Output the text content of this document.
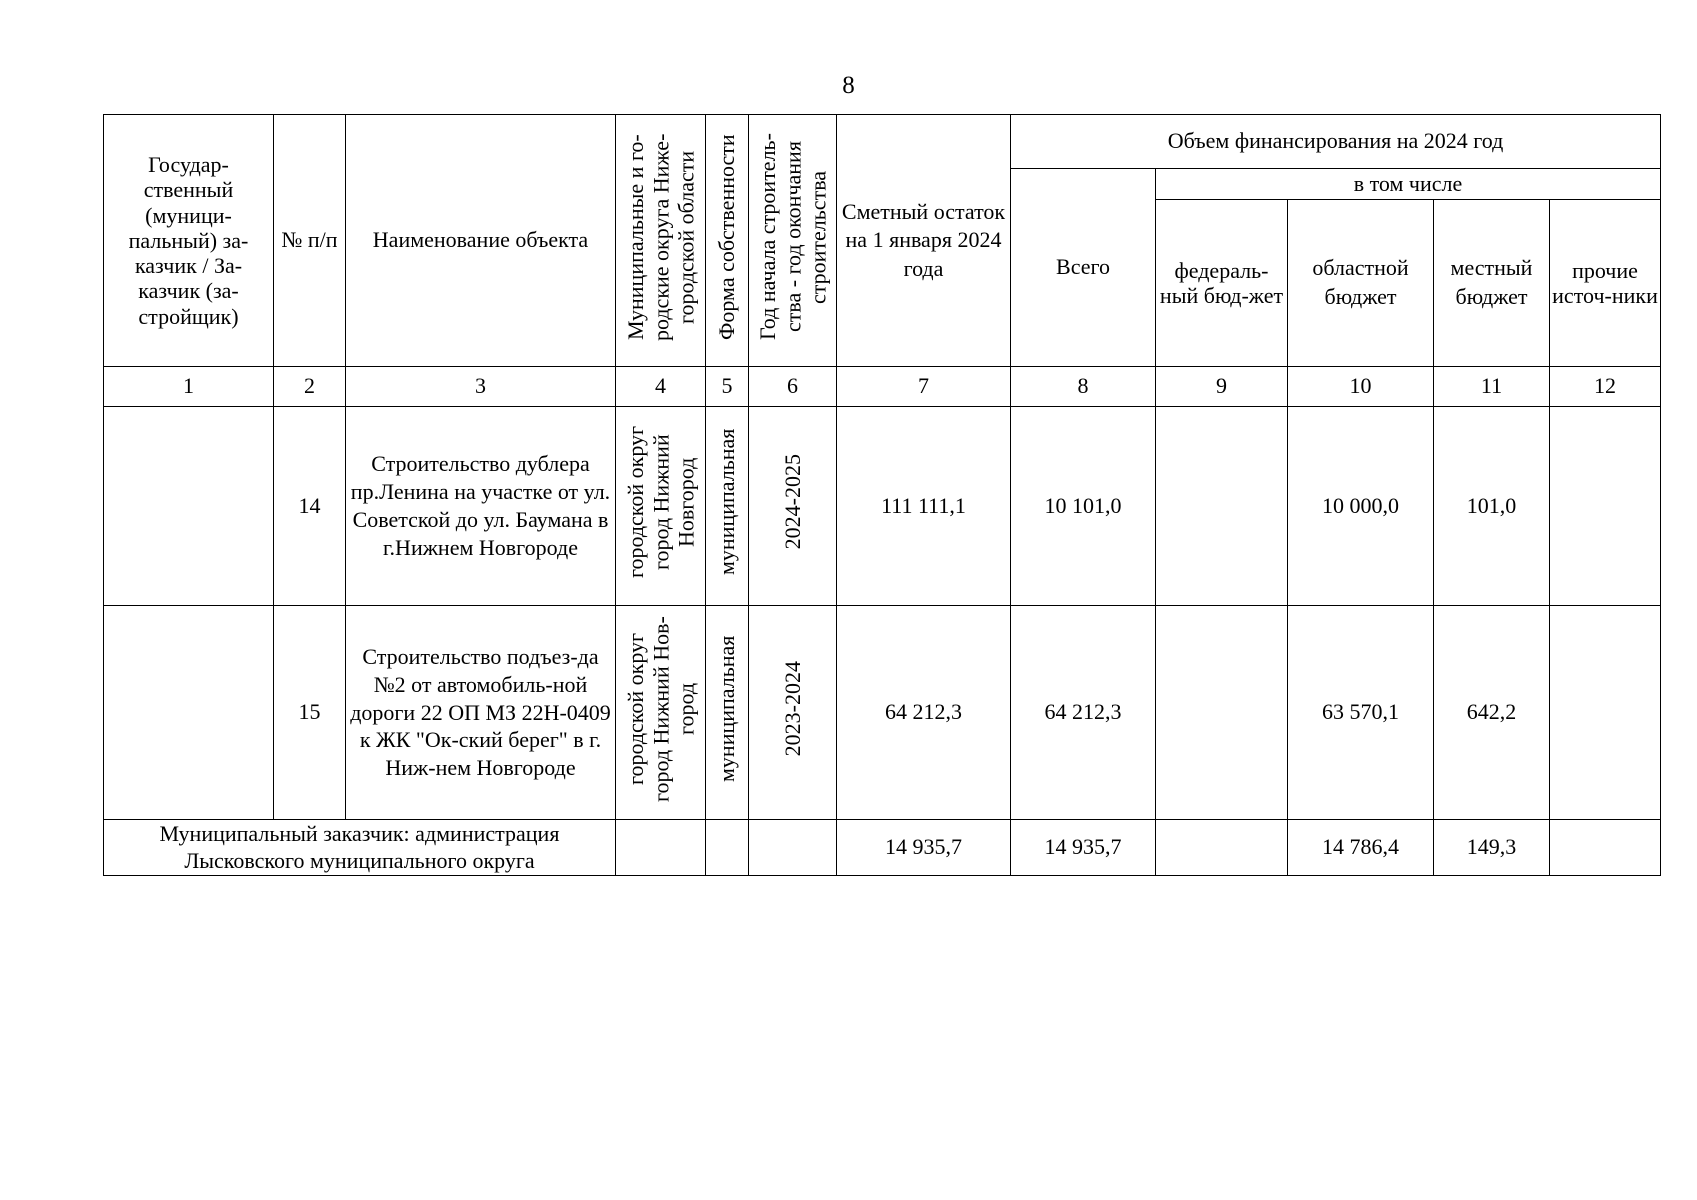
8
Государ-ственный (муници-пальный) за-казчик / За-казчик (за-стройщик)	№ п/п	Наименование объекта	Муниципальные и го-родские округа Ниже-городской области	Форма собственности	Год начала строитель-ства - год окончания строительства	Сметный остаток на 1 января 2024 года	Объем финансирования на 2024 год				
							Всего	в том числе			
								федераль-ный бюд-жет	областной бюджет	местный бюджет	прочие источ-ники
1	2	3	4	5	6	7	8	9	10	11	12
	14	Строительство дублера пр.Ленина на участке от ул. Советской до ул. Баумана в г.Нижнем Новгороде	городской округ город Нижний Новгород	муниципальная	2024-2025	111 111,1	10 101,0		10 000,0	101,0	
	15	Строительство подъез-да №2 от автомобиль-ной дороги 22 ОП МЗ 22Н-0409 к ЖК "Ок-ский берег" в г. Ниж-нем Новгороде	городской округ город Нижний Нов-город	муниципальная	2023-2024	64 212,3	64 212,3		63 570,1	642,2	
Муниципальный заказчик: администрация Лысковского муниципального округа						14 935,7	14 935,7		14 786,4	149,3	
